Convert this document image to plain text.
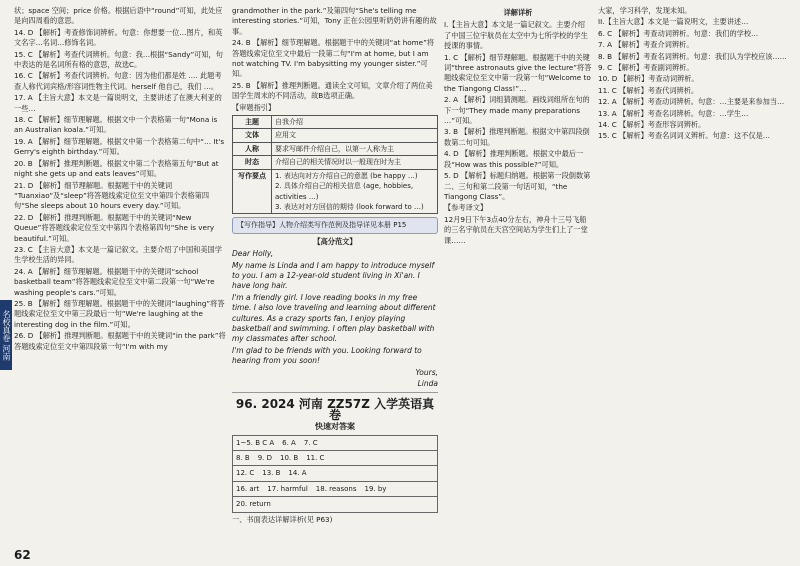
名校真卷 河南

状；space 空间；price 价格。根据后语中“round”可知，此处应是向四周看的意思。

14. D 【解析】考查修饰词辨析。句意：你想要一位…图片，和英文名字…名词…修饰名词。

15. C 【解析】考查代词辨析。句意：我…根据“Sandy”可知，句中表达的是名词所有格的意思，故选C。

16. C 【解析】考查代词辨析。句意：因为他们都是姓 …. 此题考查人称代词宾格/形容词性物主代词。herself 他自己，我们 …。

17. A 【主旨大意】本文是一篇说明文，主要讲述了在澳大利亚的一些…

18. C 【解析】细节理解题。根据文中一个表格第一句“Mona is an Australian koala.”可知。

19. A 【解析】细节理解题。根据文中第一个表格第二句中“… It's Gerry's eighth birthday.”可知。

20. B 【解析】推理判断题。根据文中第二个表格第五句“But at night she gets up and eats leaves”可知。

21. D 【解析】细节理解题。根据题干中的关键词 “Tuanxiao”及“sleep”将答题线索定位至文中第四个表格第四句“She sleeps about 10 hours every day.”可知。

22. D 【解析】推理判断题。根据题干中的关键词“New Queue”将答题线索定位至文中第四个表格第四句“She is very beautiful.”可知。

23. C 【主旨大意】本文是一篇记叙文。主要介绍了中国和美国学生学校生活的异同。

24. A 【解析】细节理解题。根据题干中的关键词“school basketball team”将答题线索定位至文中第二段第一句“We're washing people's cars.”可知。

25. B 【解析】细节理解题。根据题干中的关键词“laughing”将答题线索定位至文中第三段最后一句“We're laughing at the interesting dog in the film.”可知。

26. D 【解析】推理判断题。根据题干中的关键词“in the park”将答题线索定位至文中第四段第一句“I'm with my

grandmother in the park.”及第四句“She's telling me interesting stories.”可知，Tony 正在公园里听奶奶讲有趣的故事。

24. B 【解析】细节理解题。根据题干中的关键词“at home”将答题线索定位至文中最后一段第二句“I'm at home, but I am not watching TV. I'm babysitting my younger sister.”可知。

25. B 【解析】推理判断题。通读全文可知，文章介绍了两位美国学生周末的不同活动，故B选项正确。

【审题指引】

主题	自我介绍
文体	应用文
人称	要求写邮件介绍自己，以第一人称为主
时态	介绍自己的相关情况时以一般现在时为主
写作要点	1. 表达向对方介绍自己的意愿 (be happy …)
2. 具体介绍自己的相关信息 (age, hobbies, activities …)
3. 表达对对方回信的期待 (look forward to …)
【写作指导】人物介绍类写作范例及指导详见本册 P15
【高分范文】

Dear Holly,

My name is Linda and I am happy to introduce myself to you. I am a 12-year-old student living in Xi'an. I have long hair.

I'm a friendly girl. I love reading books in my free time. I also love traveling and learning about different cultures. As a crazy sports fan, I enjoy playing basketball and swimming. I often play basketball with my classmates after school.

I'm glad to be friends with you. Looking forward to hearing from you soon!

Yours,

Linda

96. 2024 河南 ZZ57Z 入学英语真卷
快速对答案
1~5. B C A 6. A 7. C
8. B 9. D 10. B 11. C
12. C 13. B 14. A
16. art 17. harmful 18. reasons 19. by
20. return
一、书面表达详解详析(见 P63)
详解详析

I.【主旨大意】本文是一篇记叙文。主要介绍了中国三位宇航员在太空中为七所学校的学生授课的事情。

1. C 【解析】细节理解题。根据题干中的关键词“three astronauts give the lecture”将答题线索定位至文中第一段第一句“Welcome to the Tiangong Class!”…

2. A 【解析】词组猜测题。画线词组所在句的下一句“They made many preparations …”可知。

3. B 【解析】推理判断题。根据文中第四段倒数第二句可知。

4. D 【解析】推理判断题。根据文中最后一段“How was this possible?”可知。

5. D 【解析】标题归纳题。根据第一段倒数第二、三句和第二段第一句话可知，“the Tiangong Class”。

【参考译文】

12月9日下午3点40分左右，神舟十三号飞船的三名宇航员在天宫空间站为学生们上了一堂课……

大家，学习科学，发现未知。

II.【主旨大意】本文是一篇说明文，主要讲述…

6. C 【解析】考查动词辨析。句意：我们的学校…

7. A 【解析】考查介词辨析。

8. B 【解析】考查名词辨析。句意：我们认为学校应该……

9. C 【解析】考查副词辨析。

10. D 【解析】考查动词辨析。

11. C 【解析】考查代词辨析。

12. A 【解析】考查动词辨析。句意：…主要是来参加当…

13. A 【解析】考查名词辨析。句意：…学生…

14. C 【解析】考查形容词辨析。

15. C 【解析】考查名词词义辨析。句意：这不仅是…

62
